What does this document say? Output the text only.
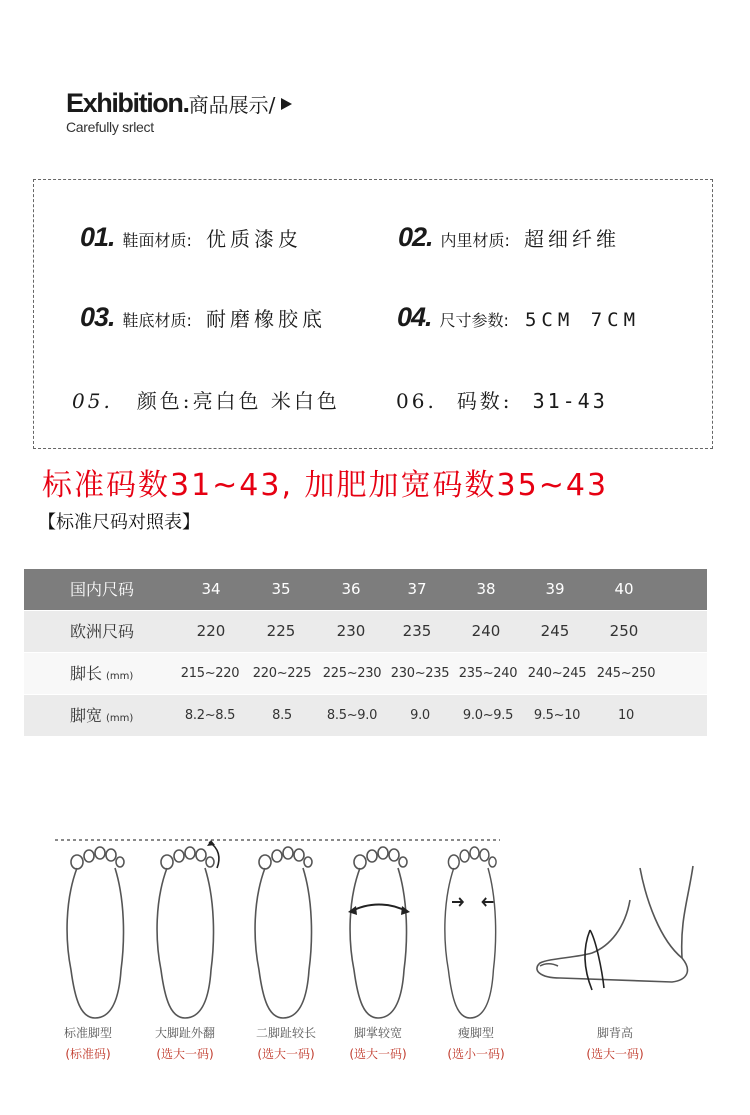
Exhibition.商品展示/
Carefully srlect
01. 鞋面材质: 优质漆皮	02. 内里材质: 超细纤维
03. 鞋底材质: 耐磨橡胶底	04. 尺寸参数: 5CM 7CM
05. 颜色:亮白色 米白色	06. 码数: 31-43
标准码数31~43, 加肥加宽码数35~43
【标准尺码对照表】
国内尺码	34	35	36	37	38	39	40
欧洲尺码	220	225	230	235	240	245	250
脚长 (mm)	215~220	220~225 225~230 230~235 235~240 240~245 245~250
脚宽 (mm)	8.2~8.5	8.5	8.5~9.0	9.0	9.0~9.5	9.5~10	10
标准脚型
(标准码)
大脚趾外翻
(选大一码)
二脚趾较长
(选大一码)
脚掌较宽
(选大一码)
瘦脚型
(选小一码)
脚背高
(选大一码)
